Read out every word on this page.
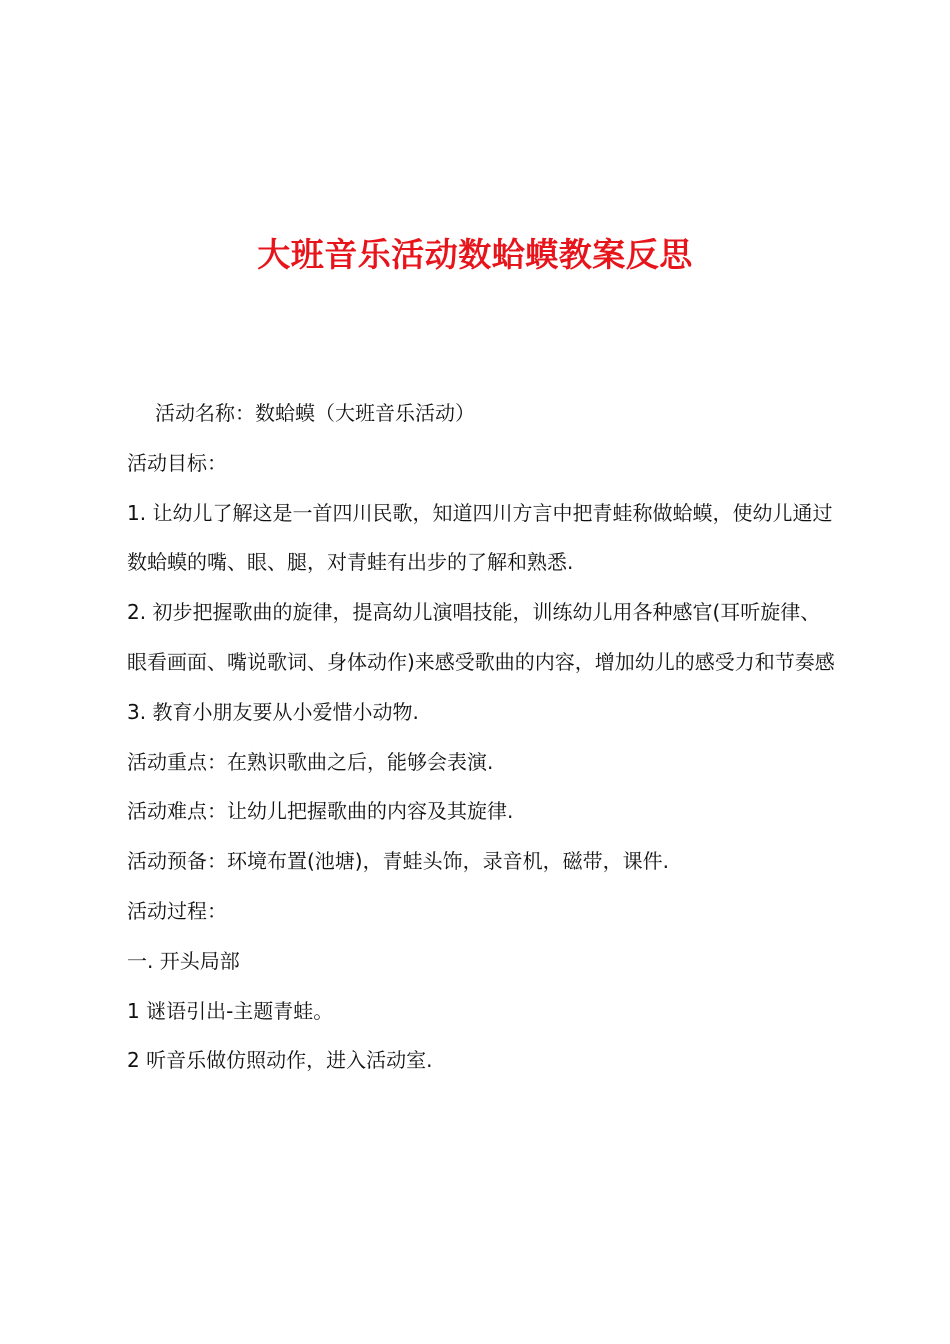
大班音乐活动数蛤蟆教案反思

活动名称：数蛤蟆（大班音乐活动）

活动目标：

1. 让幼儿了解这是一首四川民歌，知道四川方言中把青蛙称做蛤蟆，使幼儿通过数蛤蟆的嘴、眼、腿，对青蛙有出步的了解和熟悉.

2. 初步把握歌曲的旋律，提高幼儿演唱技能，训练幼儿用各种感官(耳听旋律、眼看画面、嘴说歌词、身体动作)来感受歌曲的内容，增加幼儿的感受力和节奏感

3. 教育小朋友要从小爱惜小动物.

活动重点：在熟识歌曲之后，能够会表演.

活动难点：让幼儿把握歌曲的内容及其旋律.

活动预备：环境布置(池塘)，青蛙头饰，录音机，磁带，课件.

活动过程：

一. 开头局部

1 谜语引出-主题青蛙。

2 听音乐做仿照动作，进入活动室.
